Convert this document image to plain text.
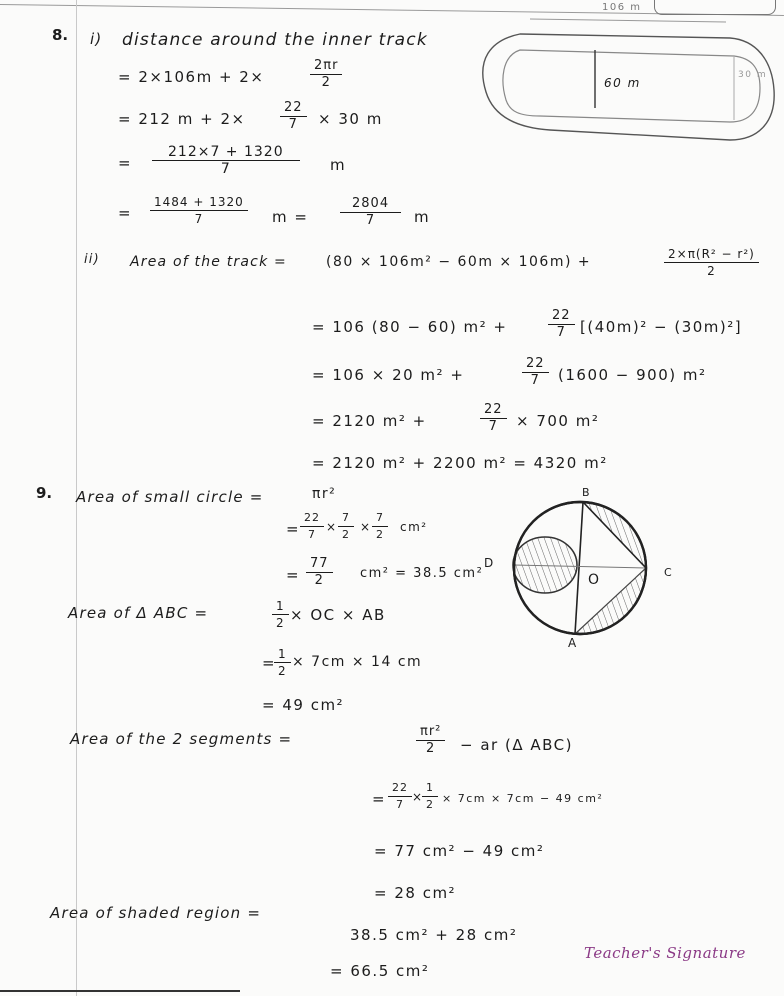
8. i) distance around the inner track
= 2×106m + 2×	$\frac{2\pi r}{2}$
= 212 m + 2×	$\frac{22}{7} \times 30$ m
= $\frac{212\times 7 + 1320}{7}$ m
= $\frac{1484 + 1320}{7}$ $m = \frac{2804}{7}$ m
106 m
60 m
30 m
ii) Area of the track =	(80 × 106m² − 60m × 106m) +	$\frac{\text{2×π(R² − r²)}}{2}$
= 106 (80 − 60) m² +	$\frac{22}{7} [(40m)^2 - (30m)^2]$
= 106 × 20 m² +	$\frac{22}{7} (1600 - 900)$ m²
= 2120 m² +	$\frac{22}{7} \times 700$ m²
= 2120 m² + 2200 m² = 4320 m²
9. Area of small circle =	πr²
= $\frac{22}{7} \times \frac{7}{2} \times \frac{7}{2} cm^2$
= $\frac{77}{2} cm^2 = 38.5$ cm²
Area of Δ ABC =	$\frac{1}{2}$ × OC × AB
=
$\frac{1}{2} \times 7cm \times 14$ cm
= 49 cm²
B
C
D
A
O
Area of the 2 segments =	$\frac{\text{πr²}}{2}$ − ar (Δ ABC)
= $\frac{22}{7}$ ×
$\frac{1}{2} \times 7cm \times 7cm - 49$ cm²
= 77 cm² − 49 cm²
= 28 cm²
Area of shaded region =
38.5 cm² + 28 cm²
= 66.5 cm²
Teacher's Signature
